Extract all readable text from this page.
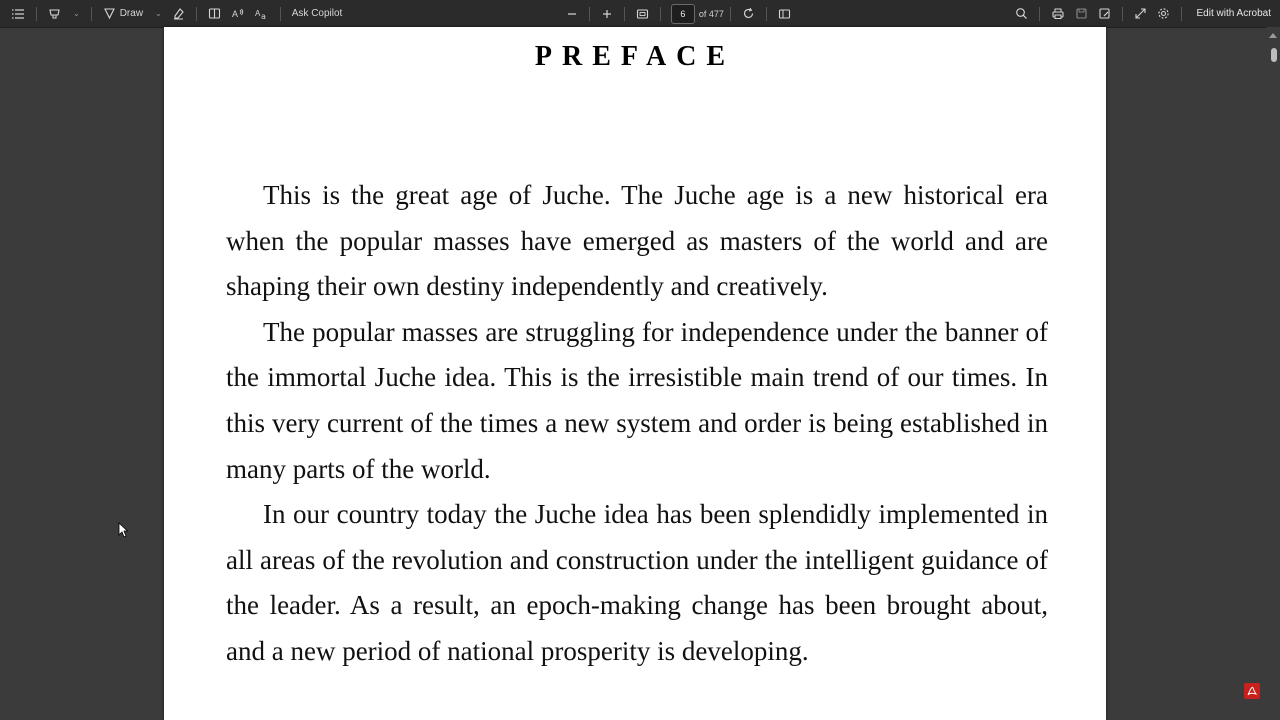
⌄	Draw ⌄	A A a	Ask Copilot
6	of 477	Edit with Acrobat
PREFACE

This is the great age of Juche. The Juche age is a new historical era when the popular masses have emerged as masters of the world and are shaping their own destiny independently and creatively.

The popular masses are struggling for independence under the banner of the immortal Juche idea. This is the irresistible main trend of our times. In this very current of the times a new system and order is being established in many parts of the world.

In our country today the Juche idea has been splendidly implemented in all areas of the revolution and construction under the intelligent guidance of the leader. As a result, an epoch-making change has been brought about, and a new period of national prosperity is developing.
